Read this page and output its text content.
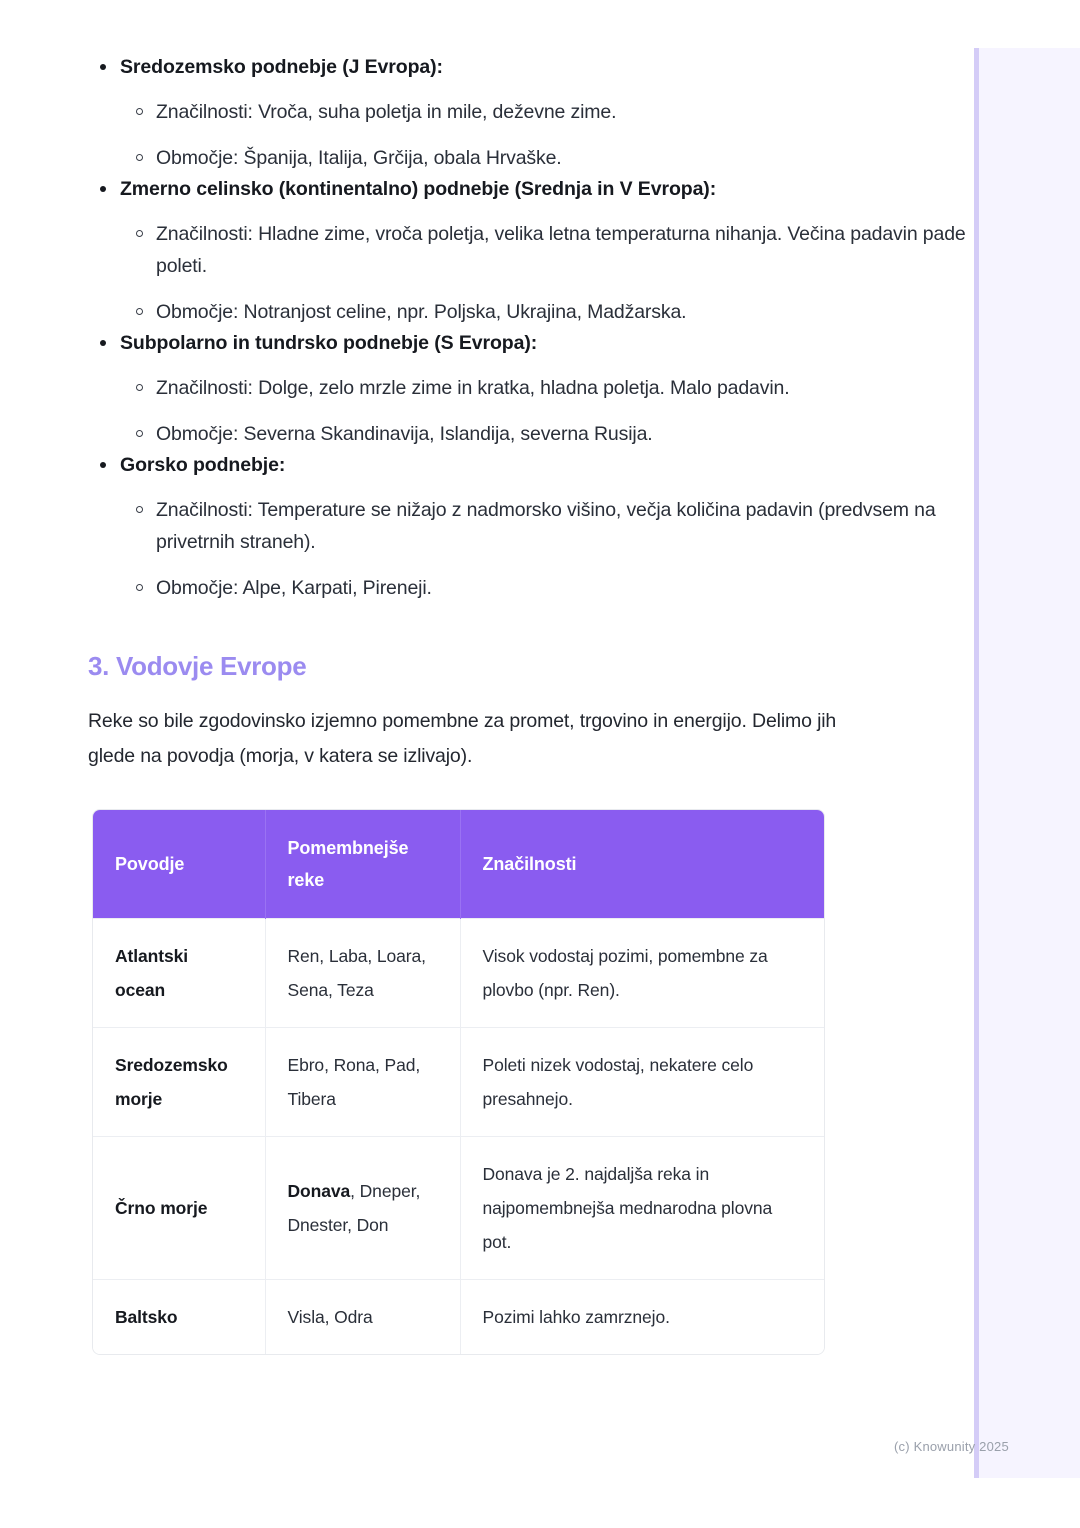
Sredozemsko podnebje (J Evropa):
Značilnosti: Vroča, suha poletja in mile, deževne zime.
Območje: Španija, Italija, Grčija, obala Hrvaške.
Zmerno celinsko (kontinentalno) podnebje (Srednja in V Evropa):
Značilnosti: Hladne zime, vroča poletja, velika letna temperaturna nihanja. Večina padavin pade poleti.
Območje: Notranjost celine, npr. Poljska, Ukrajina, Madžarska.
Subpolarno in tundrsko podnebje (S Evropa):
Značilnosti: Dolge, zelo mrzle zime in kratka, hladna poletja. Malo padavin.
Območje: Severna Skandinavija, Islandija, severna Rusija.
Gorsko podnebje:
Značilnosti: Temperature se nižajo z nadmorsko višino, večja količina padavin (predvsem na privetrnih straneh).
Območje: Alpe, Karpati, Pireneji.
3. Vodovje Evrope

Reke so bile zgodovinsko izjemno pomembne za promet, trgovino in energijo. Delimo jih glede na povodja (morja, v katera se izlivajo).

Povodje	Pomembnejše reke	Značilnosti
Atlantski ocean	Ren, Laba, Loara, Sena, Teza	Visok vodostaj pozimi, pomembne za plovbo (npr. Ren).
Sredozemsko morje	Ebro, Rona, Pad, Tibera	Poleti nizek vodostaj, nekatere celo presahnejo.
Črno morje	Donava, Dneper, Dnester, Don	Donava je 2. najdaljša reka in najpomembnejša mednarodna plovna pot.
Baltsko	Visla, Odra	Pozimi lahko zamrznejo.
(c) Knowunity 2025
